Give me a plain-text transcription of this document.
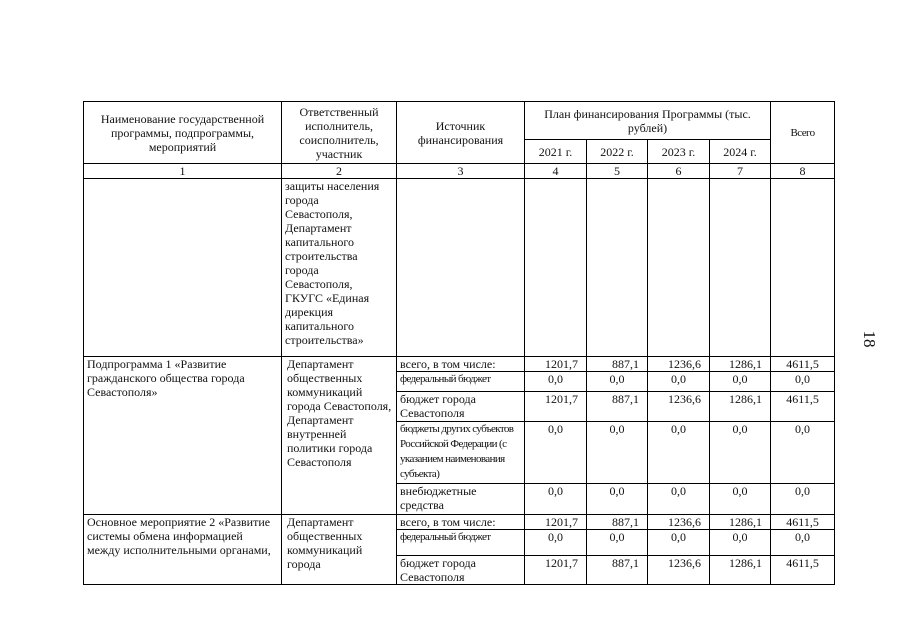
18
Наименование государственной программы, подпрограммы, мероприятий	Ответственный исполнитель, соисполнитель, участник	Источник финансирования	План финансирования Программы (тыс. рублей)				Всего
			2021 г.	2022 г.	2023 г.	2024 г.	
1	2	3	4	5	6	7	8
	защиты населения города Севастополя, Департамент капитального строительства города Севастополя, ГКУГС «Единая дирекция капитального строительства»						
Подпрограмма 1 «Развитие гражданского общества города Севастополя»	Департамент общественных коммуникаций города Севастополя, Департамент внутренней политики города Севастополя	всего, в том числе:	1201,7	887,1	1236,6	1286,1	4611,5
		федеральный бюджет	0,0	0,0	0,0	0,0	0,0
		бюджет города Севастополя	1201,7	887,1	1236,6	1286,1	4611,5
		бюджеты других субъектов Российской Федерации (с указанием наименования субъекта)	0,0	0,0	0,0	0,0	0,0
		внебюджетные средства	0,0	0,0	0,0	0,0	0,0
Основное мероприятие 2 «Развитие системы обмена информацией между исполнительными органами,	Департамент общественных коммуникаций города	всего, в том числе:	1201,7	887,1	1236,6	1286,1	4611,5
		федеральный бюджет	0,0	0,0	0,0	0,0	0,0
		бюджет города Севастополя	1201,7	887,1	1236,6	1286,1	4611,5
